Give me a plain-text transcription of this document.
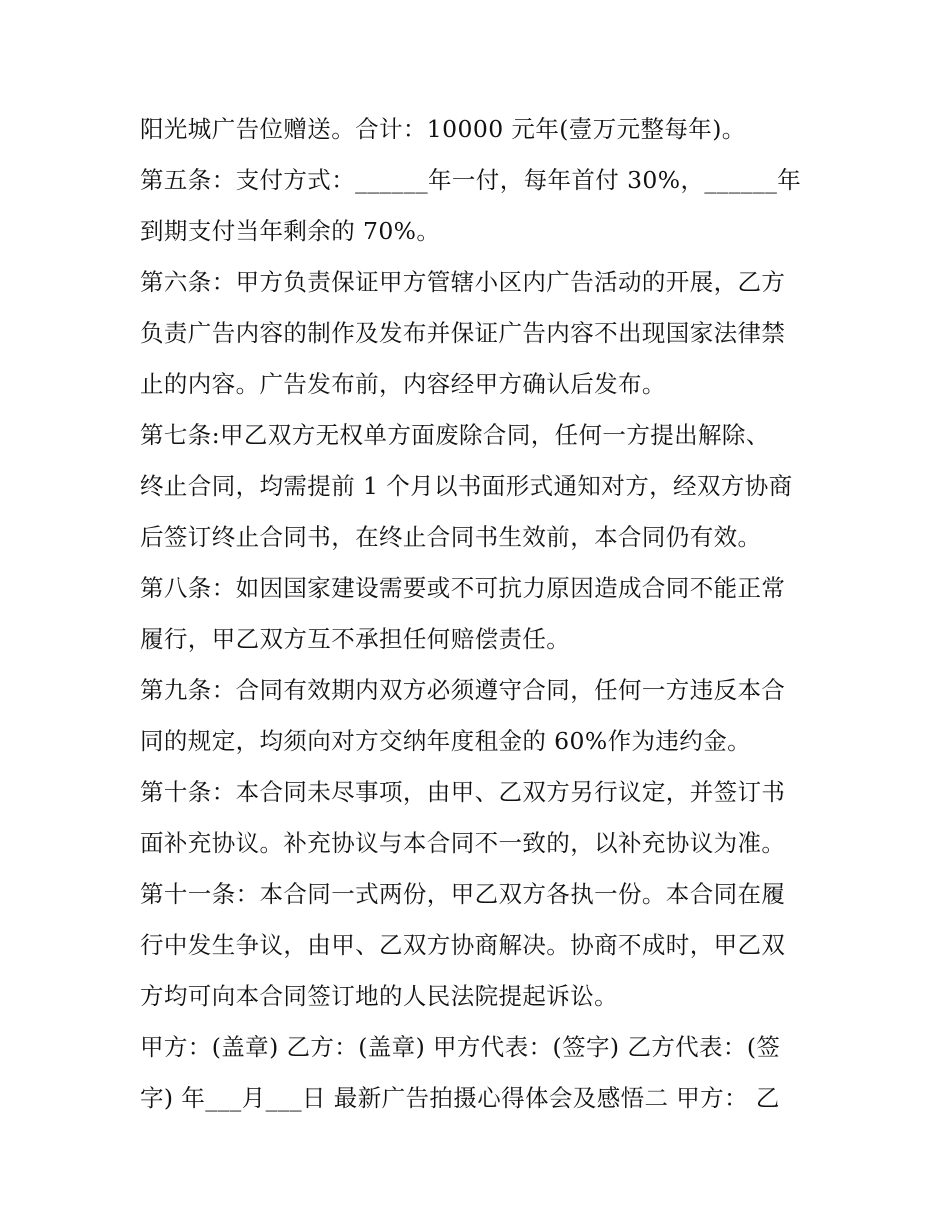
阳光城广告位赠送。合计：10000 元年(壹万元整每年)。
第五条：支付方式：______年一付，每年首付 30%，______年
到期支付当年剩余的 70%。
第六条：甲方负责保证甲方管辖小区内广告活动的开展，乙方
负责广告内容的制作及发布并保证广告内容不出现国家法律禁
止的内容。广告发布前，内容经甲方确认后发布。
第七条:甲乙双方无权单方面废除合同，任何一方提出解除、
终止合同，均需提前 1 个月以书面形式通知对方，经双方协商
后签订终止合同书，在终止合同书生效前，本合同仍有效。
第八条：如因国家建设需要或不可抗力原因造成合同不能正常
履行，甲乙双方互不承担任何赔偿责任。
第九条：合同有效期内双方必须遵守合同，任何一方违反本合
同的规定，均须向对方交纳年度租金的 60%作为违约金。
第十条：本合同未尽事项，由甲、乙双方另行议定，并签订书
面补充协议。补充协议与本合同不一致的，以补充协议为准。
第十一条：本合同一式两份，甲乙双方各执一份。本合同在履
行中发生争议，由甲、乙双方协商解决。协商不成时，甲乙双
方均可向本合同签订地的人民法院提起诉讼。
甲方：(盖章) 乙方：(盖章) 甲方代表：(签字) 乙方代表：(签
字) 年___月___日 最新广告拍摄心得体会及感悟二 甲方： 乙
